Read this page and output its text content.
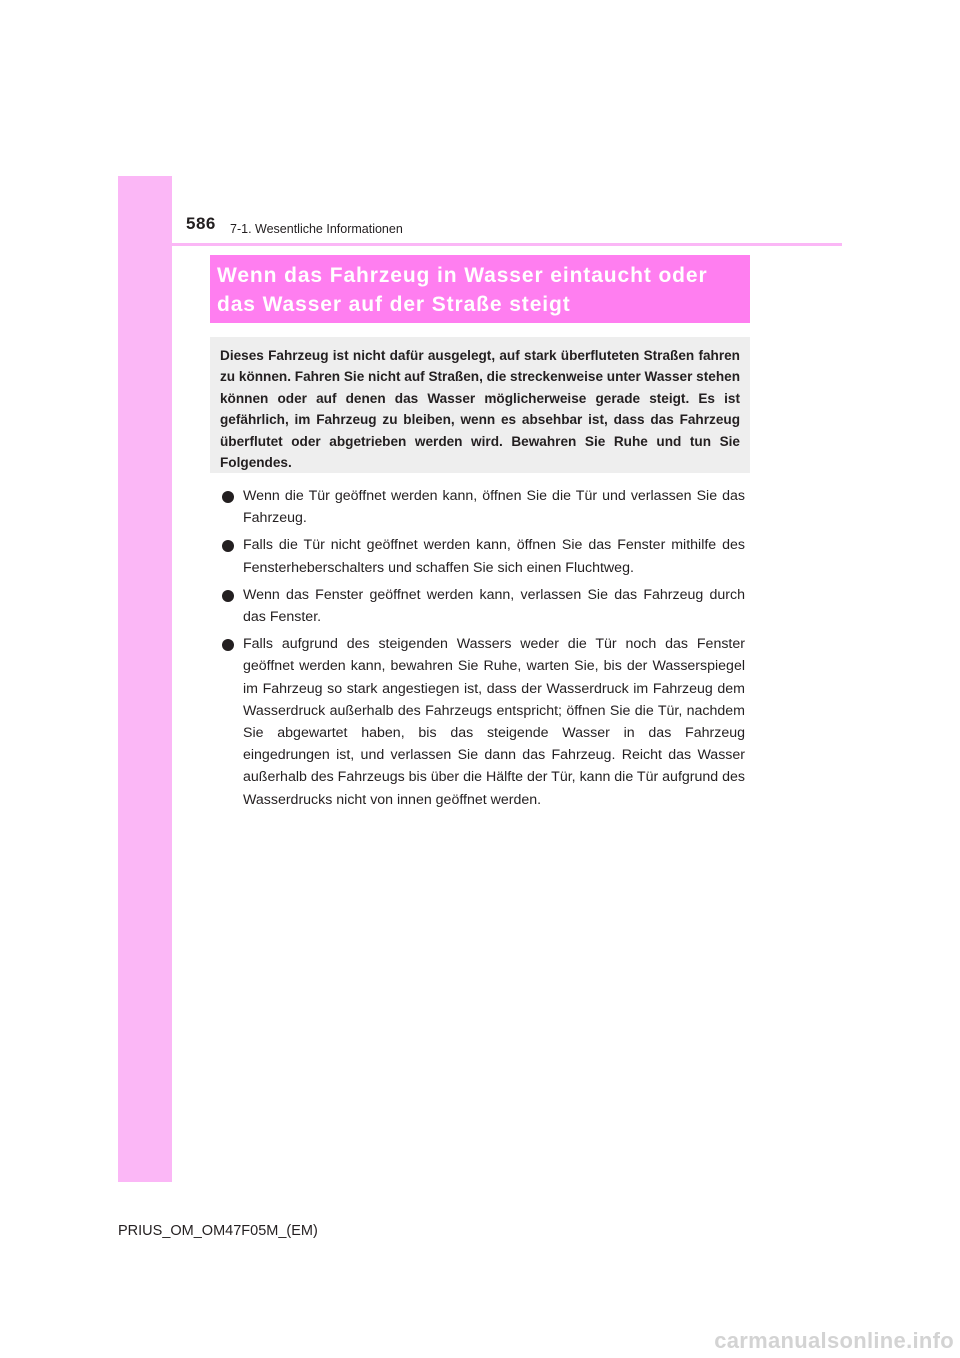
586 7-1. Wesentliche Informationen
Wenn das Fahrzeug in Wasser eintaucht oder
das Wasser auf der Straße steigt

Dieses Fahrzeug ist nicht dafür ausgelegt, auf stark überfluteten Straßen fahren zu können. Fahren Sie nicht auf Straßen, die streckenweise unter Wasser stehen können oder auf denen das Wasser möglicherweise gerade steigt. Es ist gefährlich, im Fahrzeug zu bleiben, wenn es absehbar ist, dass das Fahrzeug überflutet oder abgetrieben werden wird. Bewahren Sie Ruhe und tun Sie Folgendes.

Wenn die Tür geöffnet werden kann, öffnen Sie die Tür und verlassen Sie das Fahrzeug.
Falls die Tür nicht geöffnet werden kann, öffnen Sie das Fenster mithilfe des Fensterheberschalters und schaffen Sie sich einen Fluchtweg.
Wenn das Fenster geöffnet werden kann, verlassen Sie das Fahrzeug durch das Fenster.
Falls aufgrund des steigenden Wassers weder die Tür noch das Fenster geöffnet werden kann, bewahren Sie Ruhe, warten Sie, bis der Wasserspiegel im Fahrzeug so stark angestiegen ist, dass der Wasserdruck im Fahrzeug dem Wasserdruck außerhalb des Fahrzeugs entspricht; öffnen Sie die Tür, nachdem Sie abgewartet haben, bis das steigende Wasser in das Fahrzeug eingedrungen ist, und verlassen Sie dann das Fahrzeug. Reicht das Wasser außerhalb des Fahrzeugs bis über die Hälfte der Tür, kann die Tür aufgrund des Wasserdrucks nicht von innen geöffnet werden.
PRIUS_OM_OM47F05M_(EM)
carmanualsonline.info
